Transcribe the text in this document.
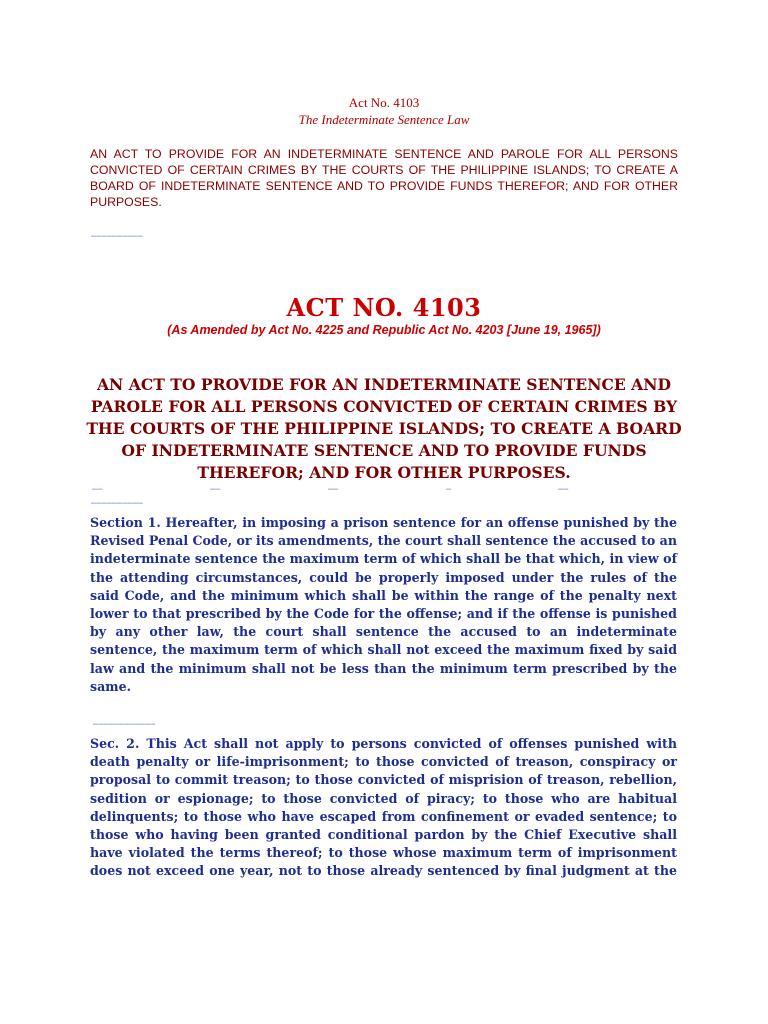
Act No. 4103
The Indeterminate Sentence Law
AN ACT TO PROVIDE FOR AN INDETERMINATE SENTENCE AND PAROLE FOR ALL PERSONS CONVICTED OF CERTAIN CRIMES BY THE COURTS OF THE PHILIPPINE ISLANDS; TO CREATE A BOARD OF INDETERMINATE SENTENCE AND TO PROVIDE FUNDS THEREFOR; AND FOR OTHER PURPOSES.
▬▬▬▬▬▬▬▬▬▬
ACT NO. 4103
(As Amended by Act No. 4225 and Republic Act No. 4203 [June 19, 1965])
AN ACT TO PROVIDE FOR AN INDETERMINATE SENTENCE AND PAROLE FOR ALL PERSONS CONVICTED OF CERTAIN CRIMES BY THE COURTS OF THE PHILIPPINE ISLANDS; TO CREATE A BOARD OF INDETERMINATE SENTENCE AND TO PROVIDE FUNDS THEREFOR; AND FOR OTHER PURPOSES.
▬▬	▬▬	▬▬	▬	▬▬
▬▬▬▬▬▬▬▬▬▬
Section 1. Hereafter, in imposing a prison sentence for an offense punished by the Revised Penal Code, or its amendments, the court shall sentence the accused to an indeterminate sentence the maximum term of which shall be that which, in view of the attending circumstances, could be properly imposed under the rules of the said Code, and the minimum which shall be within the range of the penalty next lower to that prescribed by the Code for the offense; and if the offense is punished by any other law, the court shall sentence the accused to an indeterminate sentence, the maximum term of which shall not exceed the maximum fixed by said law and the minimum shall not be less than the minimum term prescribed by the same.
▬▬▬▬▬▬▬▬▬▬▬▬
Sec. 2. This Act shall not apply to persons convicted of offenses punished with death penalty or life-imprisonment; to those convicted of treason, conspiracy or proposal to commit treason; to those convicted of misprision of treason, rebellion, sedition or espionage; to those convicted of piracy; to those who are habitual delinquents; to those who have escaped from confinement or evaded sentence; to those who having been granted conditional pardon by the Chief Executive shall have violated the terms thereof; to those whose maximum term of imprisonment does not exceed one year, not to those already sentenced by final judgment at the
